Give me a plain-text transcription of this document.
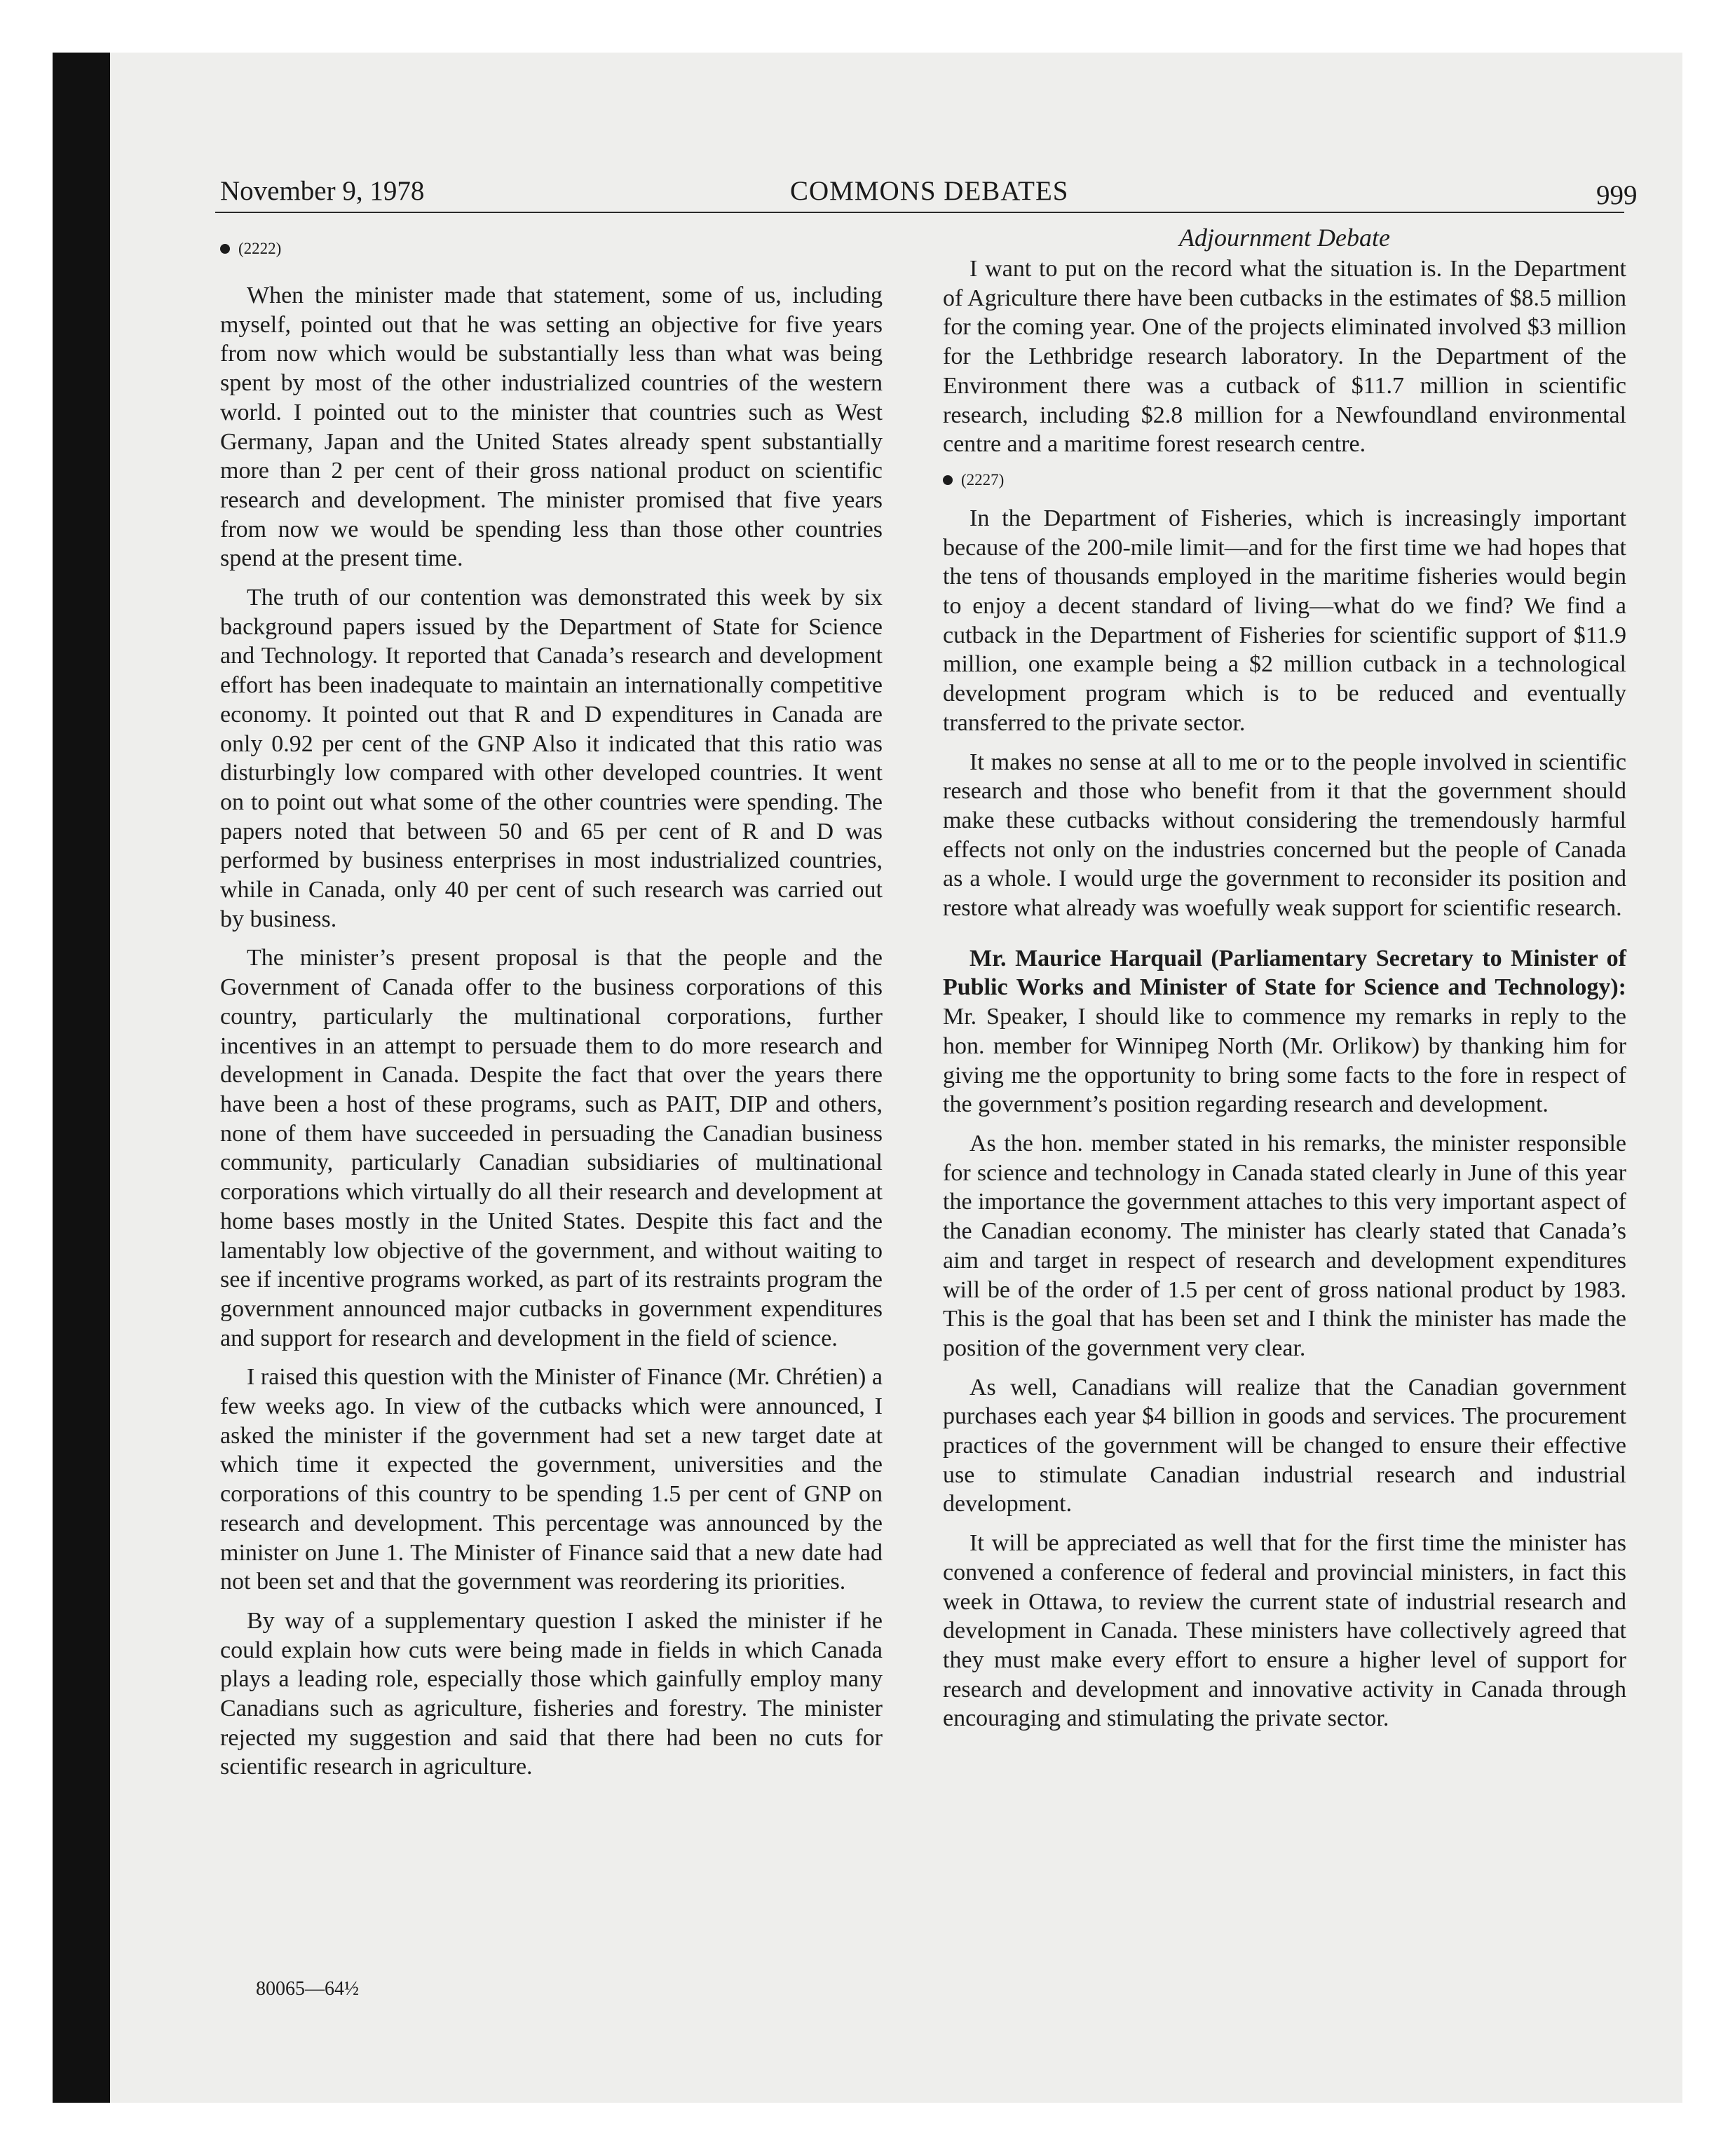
November 9, 1978	COMMONS DEBATES	999
(2222)

When the minister made that statement, some of us, including myself, pointed out that he was setting an objective for five years from now which would be substantially less than what was being spent by most of the other industrialized countries of the western world. I pointed out to the minister that countries such as West Germany, Japan and the United States already spent substantially more than 2 per cent of their gross national product on scientific research and development. The minister promised that five years from now we would be spending less than those other countries spend at the present time.

The truth of our contention was demonstrated this week by six background papers issued by the Department of State for Science and Technology. It reported that Canada’s research and development effort has been inadequate to maintain an internationally competitive economy. It pointed out that R and D expenditures in Canada are only 0.92 per cent of the GNP Also it indicated that this ratio was disturbingly low compared with other developed countries. It went on to point out what some of the other countries were spending. The papers noted that between 50 and 65 per cent of R and D was performed by business enterprises in most industrialized countries, while in Canada, only 40 per cent of such research was carried out by business.

The minister’s present proposal is that the people and the Government of Canada offer to the business corporations of this country, particularly the multinational corporations, further incentives in an attempt to persuade them to do more research and development in Canada. Despite the fact that over the years there have been a host of these programs, such as PAIT, DIP and others, none of them have succeeded in persuading the Canadian business community, particularly Canadian subsidiaries of multinational corporations which virtually do all their research and development at home bases mostly in the United States. Despite this fact and the lamentably low objective of the government, and without waiting to see if incentive programs worked, as part of its restraints program the government announced major cutbacks in government expenditures and support for research and development in the field of science.

I raised this question with the Minister of Finance (Mr. Chrétien) a few weeks ago. In view of the cutbacks which were announced, I asked the minister if the government had set a new target date at which time it expected the government, universities and the corporations of this country to be spending 1.5 per cent of GNP on research and development. This percentage was announced by the minister on June 1. The Minister of Finance said that a new date had not been set and that the government was reordering its priorities.

By way of a supplementary question I asked the minister if he could explain how cuts were being made in fields in which Canada plays a leading role, especially those which gainfully employ many Canadians such as agriculture, fisheries and forestry. The minister rejected my suggestion and said that there had been no cuts for scientific research in agriculture.

Adjournment Debate

I want to put on the record what the situation is. In the Department of Agriculture there have been cutbacks in the estimates of $8.5 million for the coming year. One of the projects eliminated involved $3 million for the Lethbridge research laboratory. In the Department of the Environment there was a cutback of $11.7 million in scientific research, including $2.8 million for a Newfoundland environmental centre and a maritime forest research centre.

(2227)

In the Department of Fisheries, which is increasingly important because of the 200-mile limit—and for the first time we had hopes that the tens of thousands employed in the maritime fisheries would begin to enjoy a decent standard of living—what do we find? We find a cutback in the Department of Fisheries for scientific support of $11.9 million, one example being a $2 million cutback in a technological development program which is to be reduced and eventually transferred to the private sector.

It makes no sense at all to me or to the people involved in scientific research and those who benefit from it that the government should make these cutbacks without considering the tremendously harmful effects not only on the industries concerned but the people of Canada as a whole. I would urge the government to reconsider its position and restore what already was woefully weak support for scientific research.

Mr. Maurice Harquail (Parliamentary Secretary to Minister of Public Works and Minister of State for Science and Technology): Mr. Speaker, I should like to commence my remarks in reply to the hon. member for Winnipeg North (Mr. Orlikow) by thanking him for giving me the opportunity to bring some facts to the fore in respect of the government’s position regarding research and development.

As the hon. member stated in his remarks, the minister responsible for science and technology in Canada stated clearly in June of this year the importance the government attaches to this very important aspect of the Canadian economy. The minister has clearly stated that Canada’s aim and target in respect of research and development expenditures will be of the order of 1.5 per cent of gross national product by 1983. This is the goal that has been set and I think the minister has made the position of the government very clear.

As well, Canadians will realize that the Canadian government purchases each year $4 billion in goods and services. The procurement practices of the government will be changed to ensure their effective use to stimulate Canadian industrial research and industrial development.

It will be appreciated as well that for the first time the minister has convened a conference of federal and provincial ministers, in fact this week in Ottawa, to review the current state of industrial research and development in Canada. These ministers have collectively agreed that they must make every effort to ensure a higher level of support for research and development and innovative activity in Canada through encouraging and stimulating the private sector.

80065—64½
